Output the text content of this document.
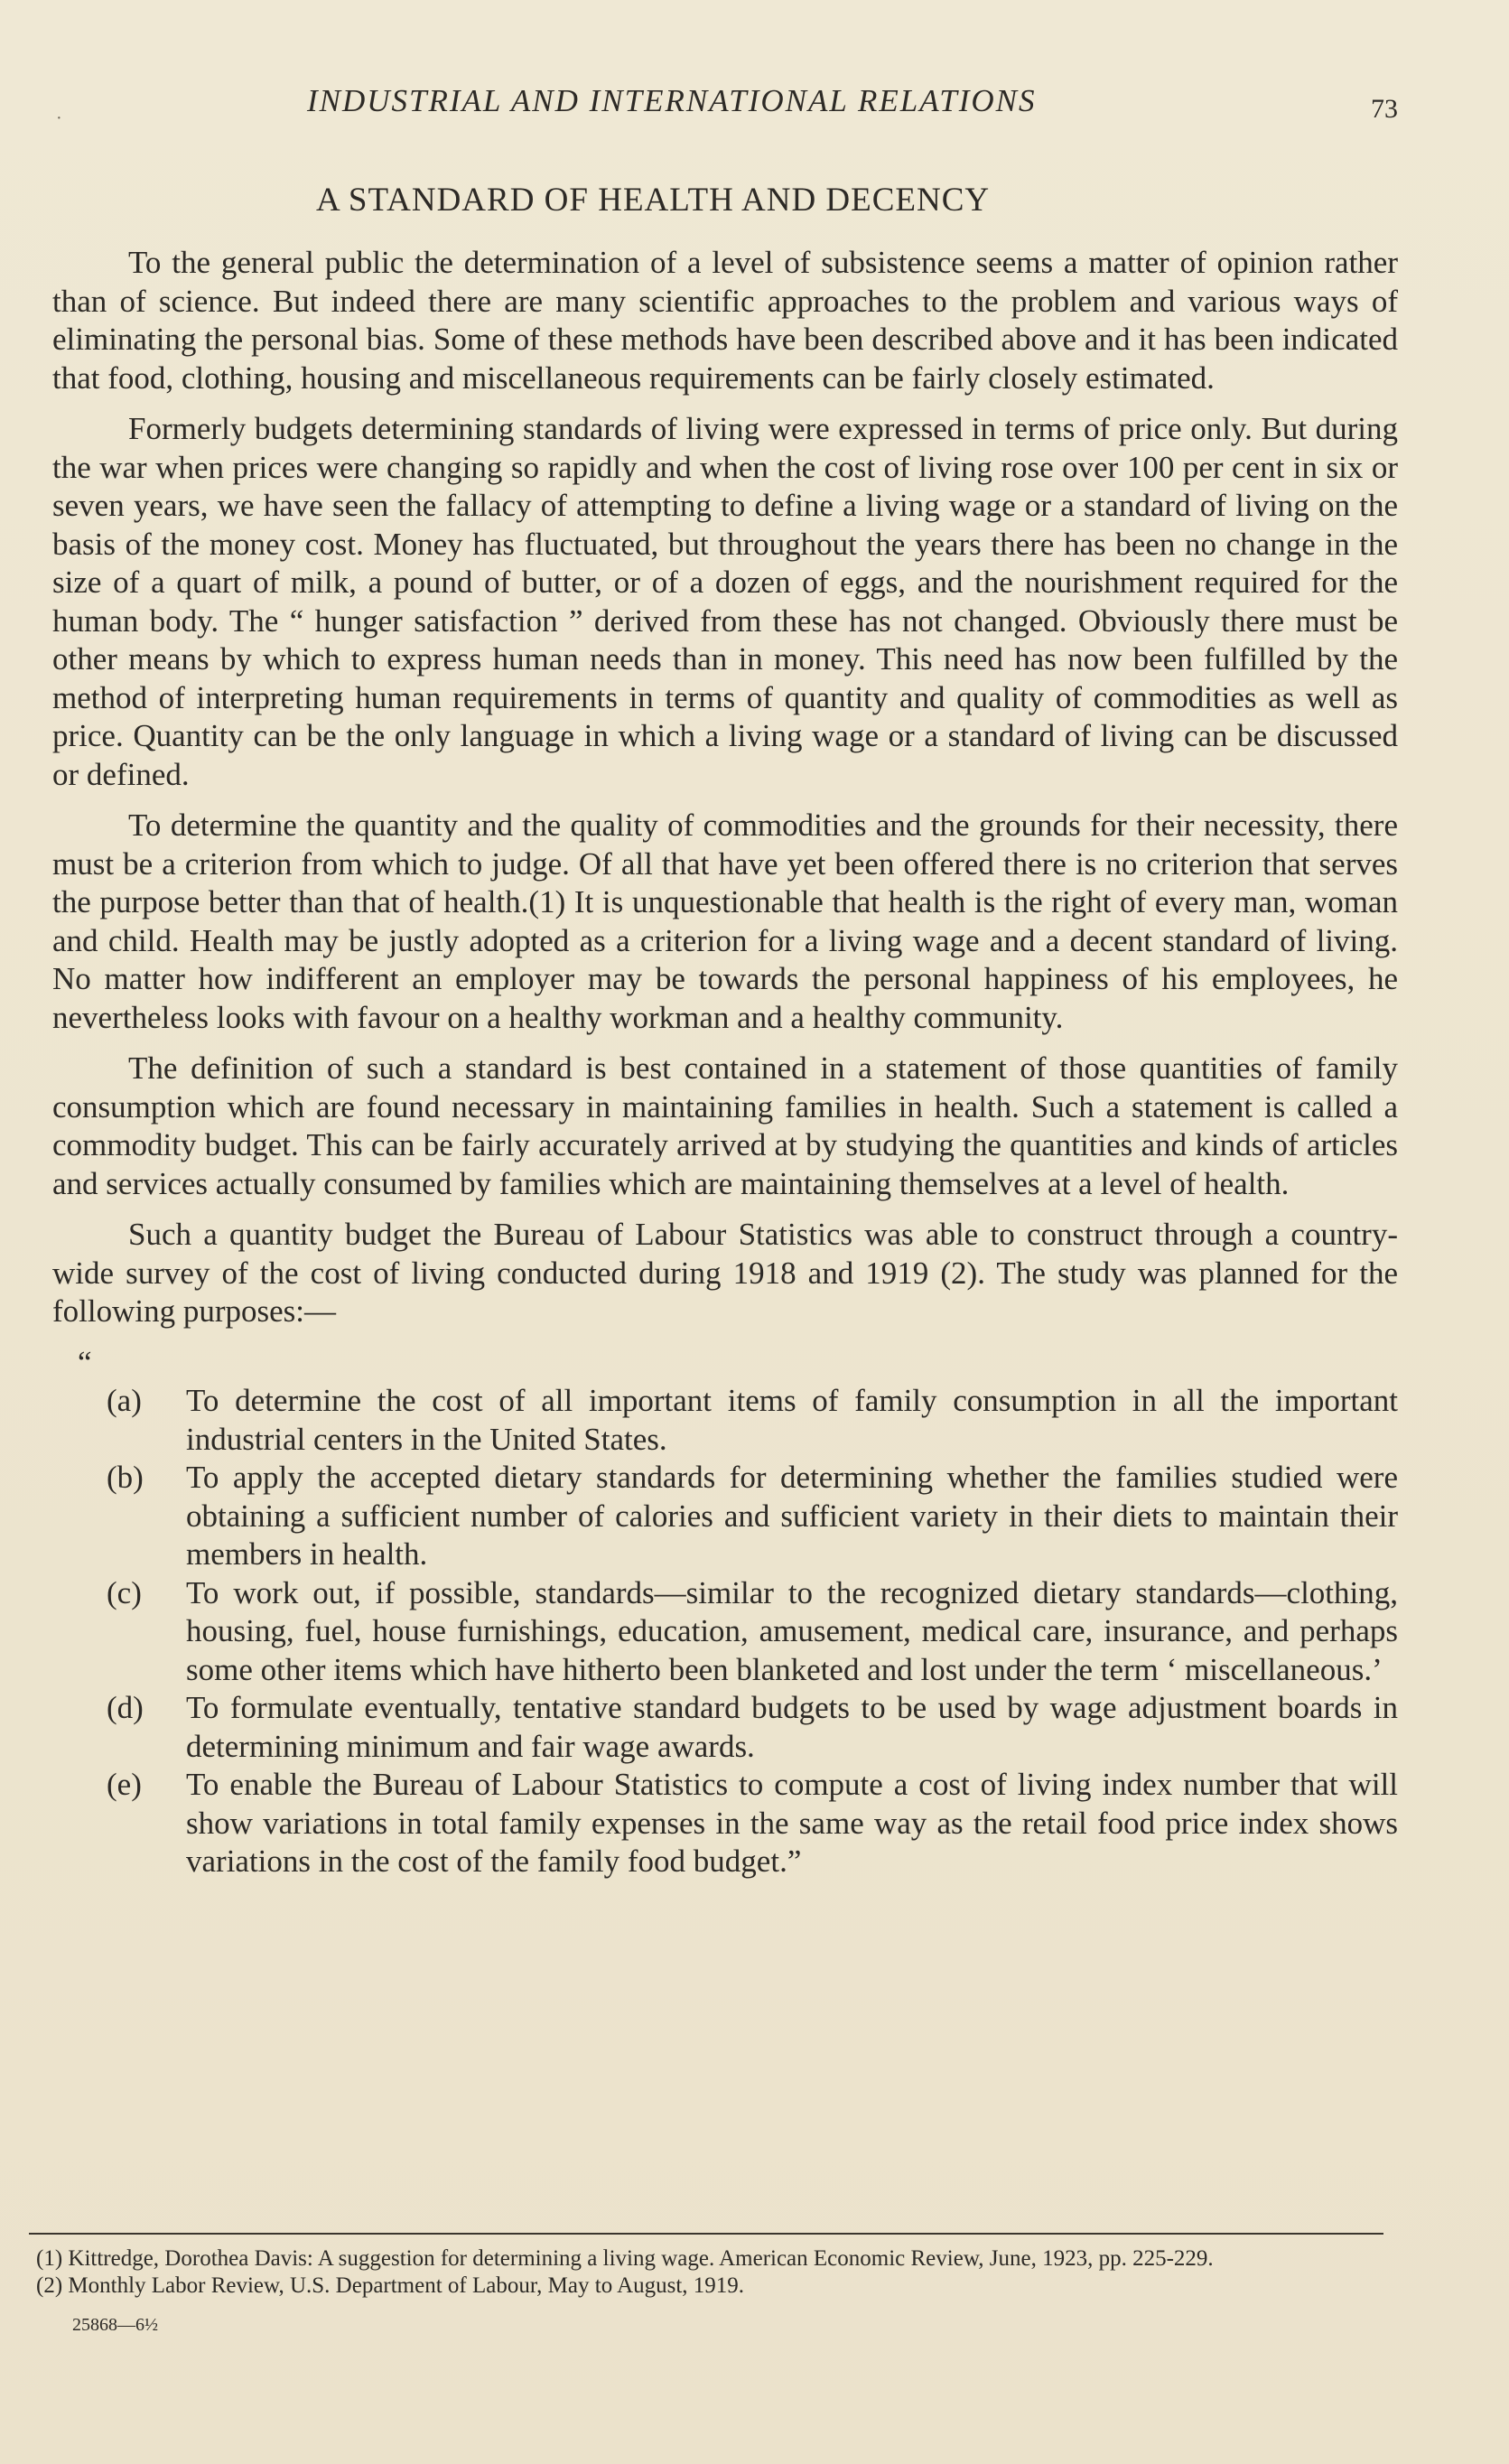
·	INDUSTRIAL AND INTERNATIONAL RELATIONS	73
A STANDARD OF HEALTH AND DECENCY

To the general public the determination of a level of subsistence seems a matter of opinion rather than of science. But indeed there are many scientific approaches to the problem and various ways of eliminating the personal bias. Some of these methods have been described above and it has been indicated that food, clothing, housing and miscellaneous requirements can be fairly closely estimated.

Formerly budgets determining standards of living were expressed in terms of price only. But during the war when prices were changing so rapidly and when the cost of living rose over 100 per cent in six or seven years, we have seen the fallacy of attempting to define a living wage or a standard of living on the basis of the money cost. Money has fluctuated, but throughout the years there has been no change in the size of a quart of milk, a pound of butter, or of a dozen of eggs, and the nourishment required for the human body. The “ hunger satisfaction ” derived from these has not changed. Obviously there must be other means by which to express human needs than in money. This need has now been fulfilled by the method of interpreting human requirements in terms of quantity and quality of commodities as well as price. Quantity can be the only language in which a living wage or a standard of living can be discussed or defined.

To determine the quantity and the quality of commodities and the grounds for their necessity, there must be a criterion from which to judge. Of all that have yet been offered there is no criterion that serves the purpose better than that of health.(1) It is unquestionable that health is the right of every man, woman and child. Health may be justly adopted as a criterion for a living wage and a decent standard of living. No matter how indifferent an employer may be towards the personal happiness of his employees, he nevertheless looks with favour on a healthy workman and a healthy community.

The definition of such a standard is best contained in a statement of those quantities of family consumption which are found necessary in maintaining families in health. Such a statement is called a commodity budget. This can be fairly accurately arrived at by studying the quantities and kinds of articles and services actually consumed by families which are maintaining themselves at a level of health.

Such a quantity budget the Bureau of Labour Statistics was able to construct through a country-wide survey of the cost of living conducted during 1918 and 1919 (2). The study was planned for the following purposes:—

“
(a)	To determine the cost of all important items of family consumption in all the important industrial centers in the United States.
(b)	To apply the accepted dietary standards for determining whether the families studied were obtaining a sufficient number of calories and sufficient variety in their diets to maintain their members in health.
(c)	To work out, if possible, standards—similar to the recognized dietary standards—clothing, housing, fuel, house furnishings, education, amusement, medical care, insurance, and perhaps some other items which have hitherto been blanketed and lost under the term ‘ miscellaneous.’
(d)	To formulate eventually, tentative standard budgets to be used by wage adjustment boards in determining minimum and fair wage awards.
(e)	To enable the Bureau of Labour Statistics to compute a cost of living index number that will show variations in total family expenses in the same way as the retail food price index shows variations in the cost of the family food budget.”

(1) Kittredge, Dorothea Davis: A suggestion for determining a living wage. American Economic Review, June, 1923, pp. 225-229.

(2) Monthly Labor Review, U.S. Department of Labour, May to August, 1919.

25868—6½
